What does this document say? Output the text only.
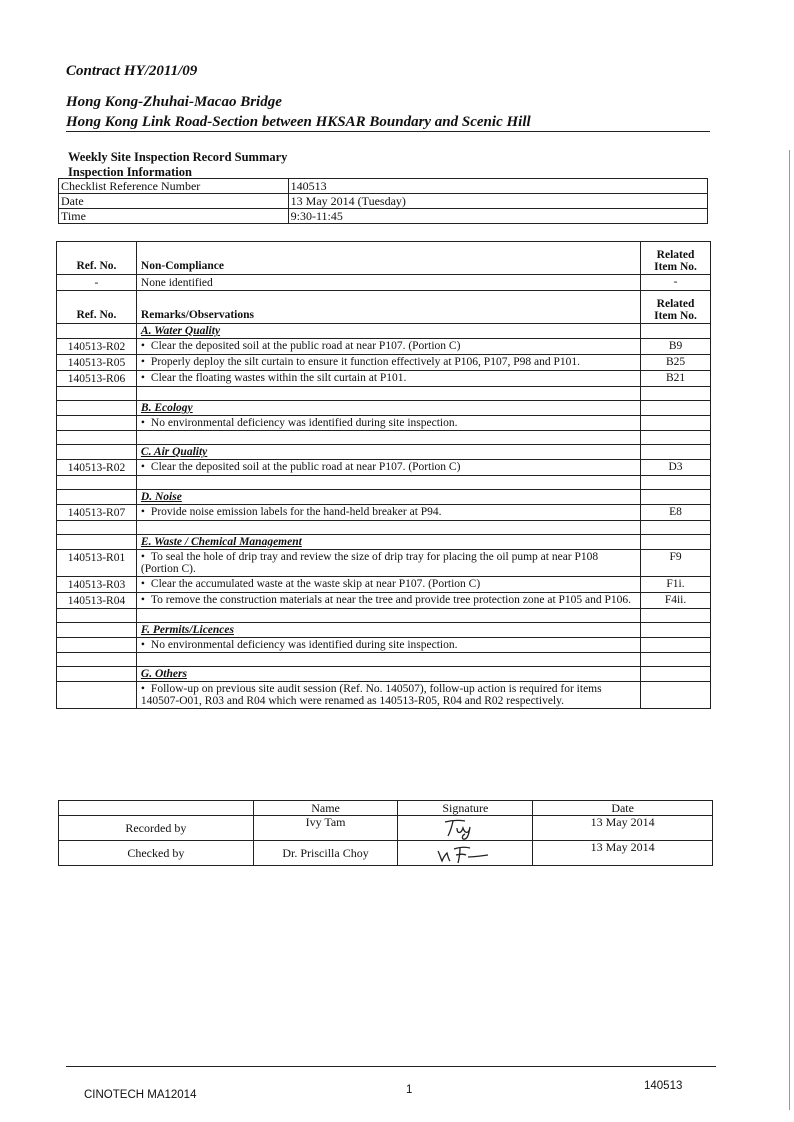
Contract HY/2011/09
Hong Kong-Zhuhai-Macao Bridge
Hong Kong Link Road-Section between HKSAR Boundary and Scenic Hill
Weekly Site Inspection Record Summary
Inspection Information
Checklist Reference Number	140513
Date	13 May 2014 (Tuesday)
Time	9:30-11:45
Ref. No.	Non-Compliance	Related
Item No.

-	None identified	-
Ref. No.	Remarks/Observations	Related
Item No.

	A. Water Quality	
140513-R02	• Clear the deposited soil at the public road at near P107. (Portion C)	B9
140513-R05	• Properly deploy the silt curtain to ensure it function effectively at P106, P107, P98 and P101.	B25
140513-R06	• Clear the floating wastes within the silt curtain at P101.	B21

	B. Ecology	
	• No environmental deficiency was identified during site inspection.	

	C. Air Quality	
140513-R02	• Clear the deposited soil at the public road at near P107. (Portion C)	D3

	D. Noise	
140513-R07	• Provide noise emission labels for the hand-held breaker at P94.	E8

	E. Waste / Chemical Management	
140513-R01	• To seal the hole of drip tray and review the size of drip tray for placing the oil pump at near P108 (Portion C).	F9
140513-R03	• Clear the accumulated waste at the waste skip at near P107. (Portion C)	F1i.
140513-R04	• To remove the construction materials at near the tree and provide tree protection zone at P105 and P106.	F4ii.

	F. Permits/Licences	
	• No environmental deficiency was identified during site inspection.	

	G. Others	
	• Follow-up on previous site audit session (Ref. No. 140507), follow-up action is required for items 140507-O01, R03 and R04 which were renamed as 140513-R05, R04 and R02 respectively.	
	Name	Signature	Date
Recorded by	Ivy Tam		13 May 2014
Checked by	Dr. Priscilla Choy		13 May 2014
CINOTECH MA12014	1	140513
